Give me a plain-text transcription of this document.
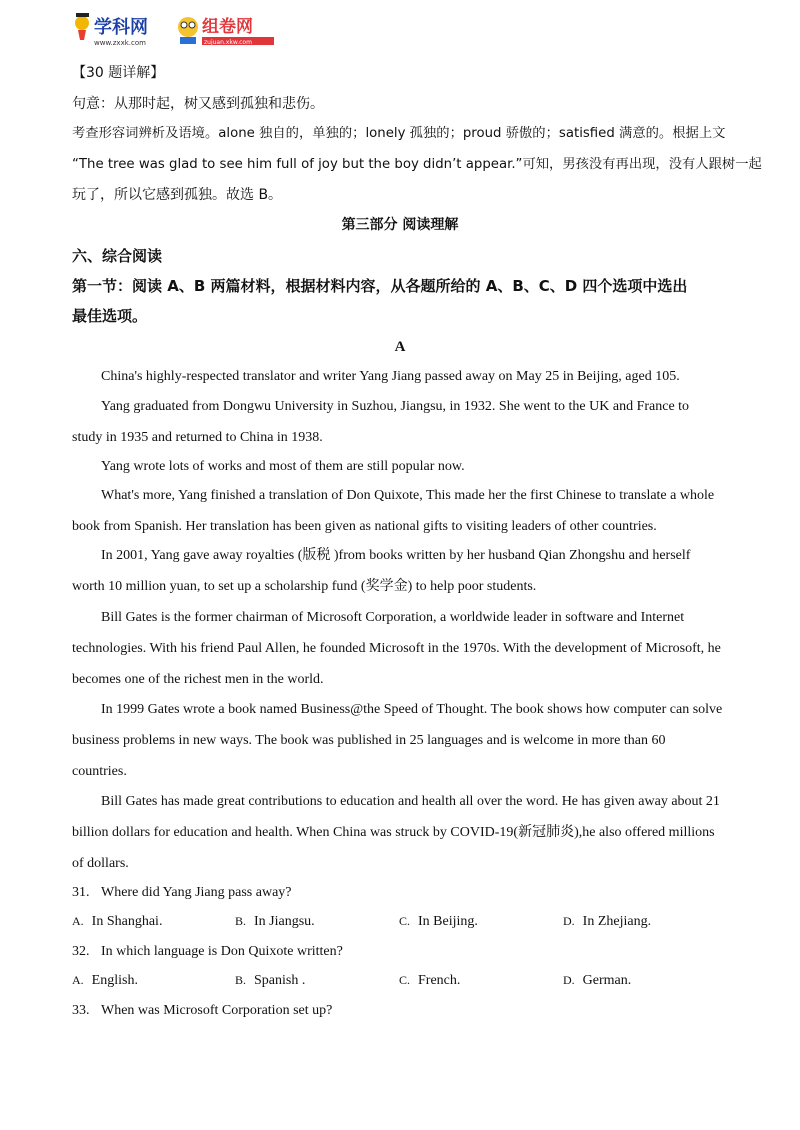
学科网
www.zxxk.com
组卷网
zujuan.xkw.com
【30 题详解】
句意：从那时起，树又感到孤独和悲伤。
考查形容词辨析及语境。alone 独自的，单独的；lonely 孤独的；proud 骄傲的；satisfied 满意的。根据上文
“The tree was glad to see him full of joy but the boy didn’t appear.”可知，男孩没有再出现，没有人跟树一起
玩了，所以它感到孤独。故选 B。
第三部分 阅读理解
六、综合阅读
第一节：阅读 A、B 两篇材料，根据材料内容，从各题所给的 A、B、C、D 四个选项中选出
最佳选项。
A
China's highly-respected translator and writer Yang Jiang passed away on May 25 in Beijing, aged 105.
Yang graduated from Dongwu University in Suzhou, Jiangsu, in 1932. She went to the UK and France to
study in 1935 and returned to China in 1938.
Yang wrote lots of works and most of them are still popular now.
What's more, Yang finished a translation of Don Quixote, This made her the first Chinese to translate a whole
book from Spanish. Her translation has been given as national gifts to visiting leaders of other countries.
In 2001, Yang gave away royalties (版税 )from books written by her husband Qian Zhongshu and herself
worth 10 million yuan, to set up a scholarship fund (奖学金) to help poor students.
Bill Gates is the former chairman of Microsoft Corporation, a worldwide leader in software and Internet
technologies. With his friend Paul Allen, he founded Microsoft in the 1970s. With the development of Microsoft, he
becomes one of the richest men in the world.
In 1999 Gates wrote a book named Business@the Speed of Thought. The book shows how computer can solve
business problems in new ways. The book was published in 25 languages and is welcome in more than 60
countries.
Bill Gates has made great contributions to education and health all over the word. He has given away about 21
billion dollars for education and health. When China was struck by COVID-19(新冠肺炎),he also offered millions
of dollars.
31. Where did Yang Jiang pass away?
A. In Shanghai.	B. In Jiangsu.	C. In Beijing.	D. In Zhejiang.
32. In which language is Don Quixote written?
A. English.	B. Spanish .	C. French.	D. German.
33. When was Microsoft Corporation set up?
